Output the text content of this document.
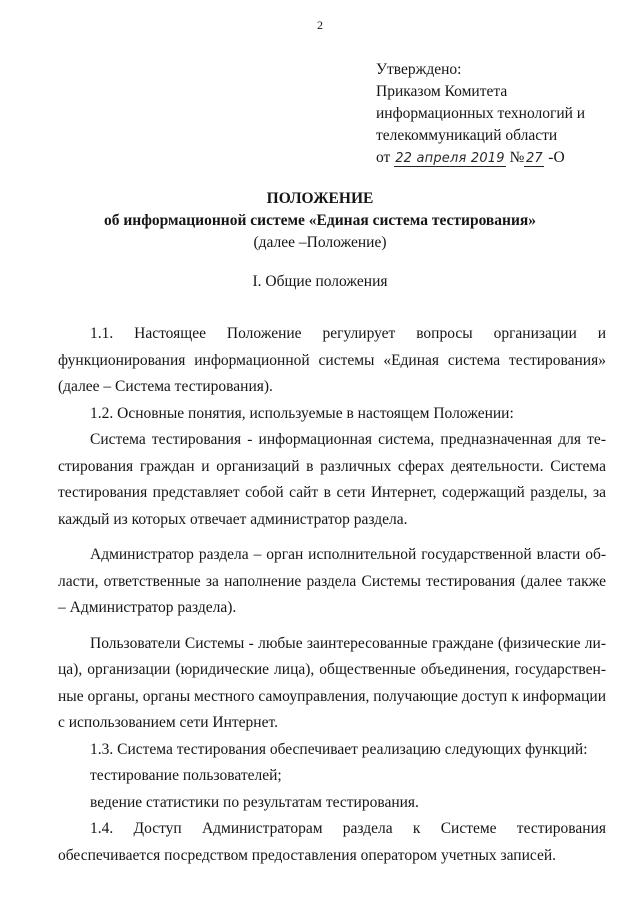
2
Утверждено:
Приказом Комитета
информационных технологий и
телекоммуникаций области
от 22 апреля 2019 № 27 -О
ПОЛОЖЕНИЕ
об информационной системе «Единая система тестирования»
(далее –Положение)
I. Общие положения

1.1. Настоящее Положение регулирует вопросы организации и функционирования информационной системы «Единая система тестирования» (далее – Система тестирования).

1.2. Основные понятия, используемые в настоящем Положении:

Система тестирования - информационная система, предназначенная для тестирования граждан и организаций в различных сферах деятельности. Система тестирования представляет собой сайт в сети Интернет, содержащий разделы, за каждый из которых отвечает администратор раздела.

Администратор раздела – орган исполнительной государственной власти области, ответственные за наполнение раздела Системы тестирования (далее также – Администратор раздела).

Пользователи Системы - любые заинтересованные граждане (физические лица), организации (юридические лица), общественные объединения, государственные органы, органы местного самоуправления, получающие доступ к информации с использованием сети Интернет.

1.3. Система тестирования обеспечивает реализацию следующих функций:

тестирование пользователей;

ведение статистики по результатам тестирования.

1.4. Доступ Администраторам раздела к Системе тестирования обеспечивается посредством предоставления оператором учетных записей.
